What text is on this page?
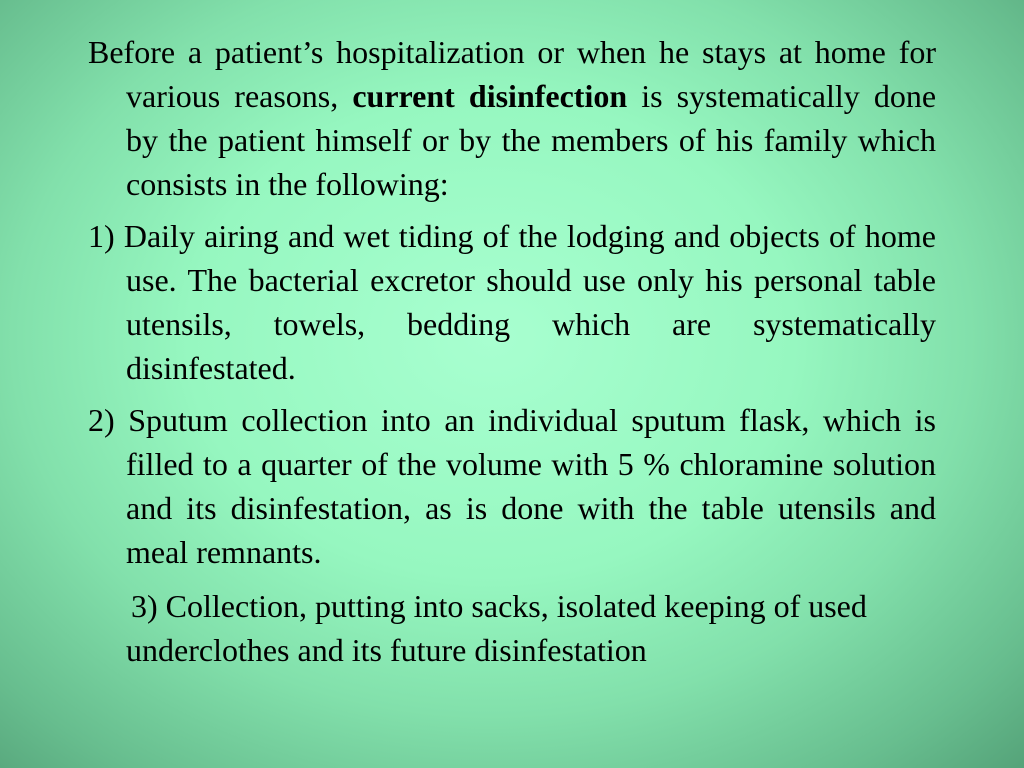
Before a patient’s hospitalization or when he stays at home for various reasons, current disinfection is systematically done by the patient himself or by the members of his family which consists in the following:

1) Daily airing and wet tiding of the lodging and objects of home use. The bacterial excretor should use only his personal table utensils, towels, bedding which are systematically disinfestated.

2) Sputum collection into an individual sputum flask, which is filled to a quarter of the volume with 5 % chloramine solution and its disinfestation, as is done with the table utensils and meal remnants.

3) Collection, putting into sacks, isolated keeping of used underclothes and its future disinfestation
